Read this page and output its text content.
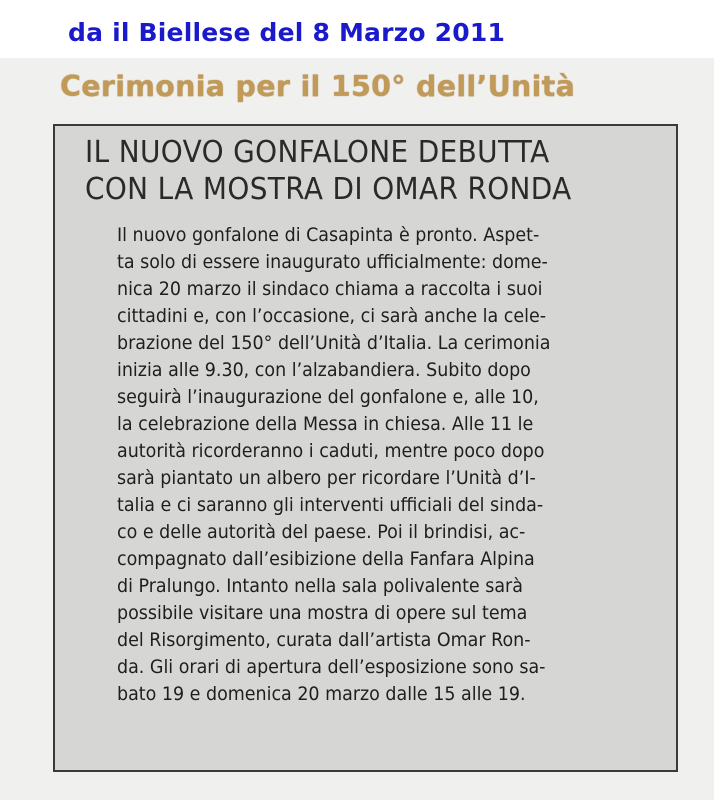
da il Biellese del 8 Marzo 2011
Cerimonia per il 150° dell’Unità
IL NUOVO GONFALONE DEBUTTA
CON LA MOSTRA DI OMAR RONDA
Il nuovo gonfalone di Casapinta è pronto. Aspet-
ta solo di essere inaugurato ufficialmente: dome-
nica 20 marzo il sindaco chiama a raccolta i suoi
cittadini e, con l’occasione, ci sarà anche la cele-
brazione del 150° dell’Unità d’Italia. La cerimonia
inizia alle 9.30, con l’alzabandiera. Subito dopo
seguirà l’inaugurazione del gonfalone e, alle 10,
la celebrazione della Messa in chiesa. Alle 11 le
autorità ricorderanno i caduti, mentre poco dopo
sarà piantato un albero per ricordare l’Unità d’I-
talia e ci saranno gli interventi ufficiali del sinda-
co e delle autorità del paese. Poi il brindisi, ac-
compagnato dall’esibizione della Fanfara Alpina
di Pralungo. Intanto nella sala polivalente sarà
possibile visitare una mostra di opere sul tema
del Risorgimento, curata dall’artista Omar Ron-
da. Gli orari di apertura dell’esposizione sono sa-
bato 19 e domenica 20 marzo dalle 15 alle 19.
